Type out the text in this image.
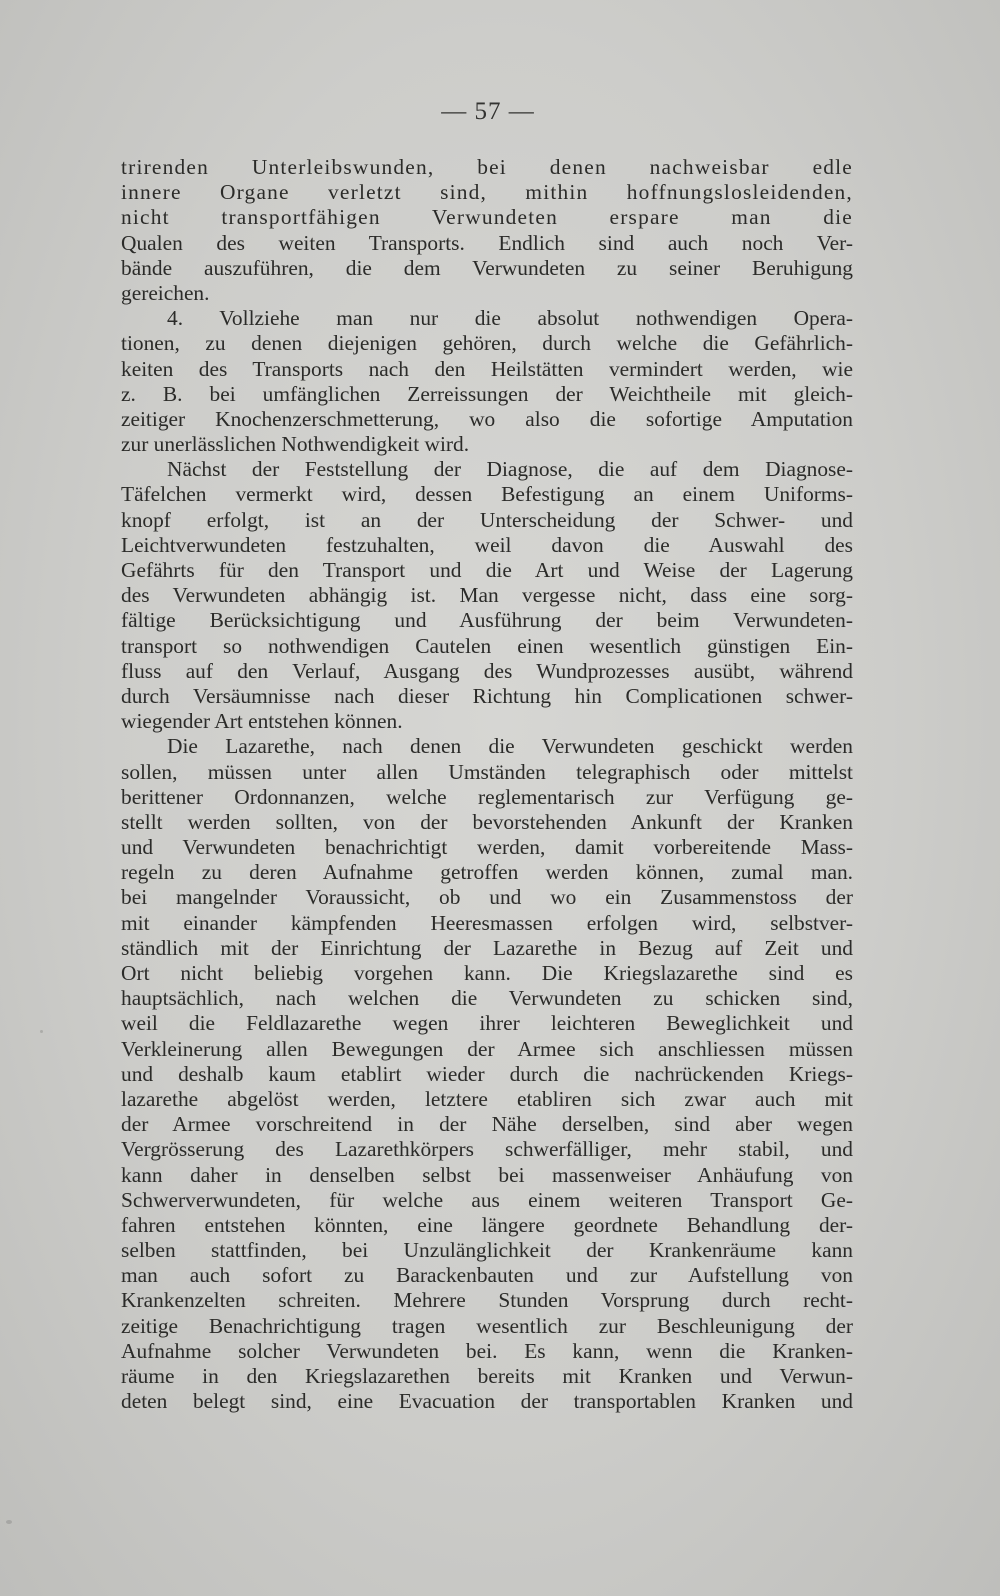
— 57 —
trirenden Unterleibswunden, bei denen nachweisbar edle
innere Organe verletzt sind, mithin hoffnungslosleidenden,
nicht transportfähigen Verwundeten erspare man die
Qualen des weiten Transports. Endlich sind auch noch Ver-
bände auszuführen, die dem Verwundeten zu seiner Beruhigung
gereichen.
4. Vollziehe man nur die absolut nothwendigen Opera-
tionen, zu denen diejenigen gehören, durch welche die Gefährlich-
keiten des Transports nach den Heilstätten vermindert werden, wie
z. B. bei umfänglichen Zerreissungen der Weichtheile mit gleich-
zeitiger Knochenzerschmetterung, wo also die sofortige Amputation
zur unerlässlichen Nothwendigkeit wird.
Nächst der Feststellung der Diagnose, die auf dem Diagnose-
Täfelchen vermerkt wird, dessen Befestigung an einem Uniforms-
knopf erfolgt, ist an der Unterscheidung der Schwer- und
Leichtverwundeten festzuhalten, weil davon die Auswahl des
Gefährts für den Transport und die Art und Weise der Lagerung
des Verwundeten abhängig ist. Man vergesse nicht, dass eine sorg-
fältige Berücksichtigung und Ausführung der beim Verwundeten-
transport so nothwendigen Cautelen einen wesentlich günstigen Ein-
fluss auf den Verlauf, Ausgang des Wundprozesses ausübt, während
durch Versäumnisse nach dieser Richtung hin Complicationen schwer-
wiegender Art entstehen können.
Die Lazarethe, nach denen die Verwundeten geschickt werden
sollen, müssen unter allen Umständen telegraphisch oder mittelst
berittener Ordonnanzen, welche reglementarisch zur Verfügung ge-
stellt werden sollten, von der bevorstehenden Ankunft der Kranken
und Verwundeten benachrichtigt werden, damit vorbereitende Mass-
regeln zu deren Aufnahme getroffen werden können, zumal man.
bei mangelnder Voraussicht, ob und wo ein Zusammenstoss der
mit einander kämpfenden Heeresmassen erfolgen wird, selbstver-
ständlich mit der Einrichtung der Lazarethe in Bezug auf Zeit und
Ort nicht beliebig vorgehen kann. Die Kriegslazarethe sind es
hauptsächlich, nach welchen die Verwundeten zu schicken sind,
weil die Feldlazarethe wegen ihrer leichteren Beweglichkeit und
Verkleinerung allen Bewegungen der Armee sich anschliessen müssen
und deshalb kaum etablirt wieder durch die nachrückenden Kriegs-
lazarethe abgelöst werden, letztere etabliren sich zwar auch mit
der Armee vorschreitend in der Nähe derselben, sind aber wegen
Vergrösserung des Lazarethkörpers schwerfälliger, mehr stabil, und
kann daher in denselben selbst bei massenweiser Anhäufung von
Schwerverwundeten, für welche aus einem weiteren Transport Ge-
fahren entstehen könnten, eine längere geordnete Behandlung der-
selben stattfinden, bei Unzulänglichkeit der Krankenräume kann
man auch sofort zu Barackenbauten und zur Aufstellung von
Krankenzelten schreiten. Mehrere Stunden Vorsprung durch recht-
zeitige Benachrichtigung tragen wesentlich zur Beschleunigung der
Aufnahme solcher Verwundeten bei. Es kann, wenn die Kranken-
räume in den Kriegslazarethen bereits mit Kranken und Verwun-
deten belegt sind, eine Evacuation der transportablen Kranken und
